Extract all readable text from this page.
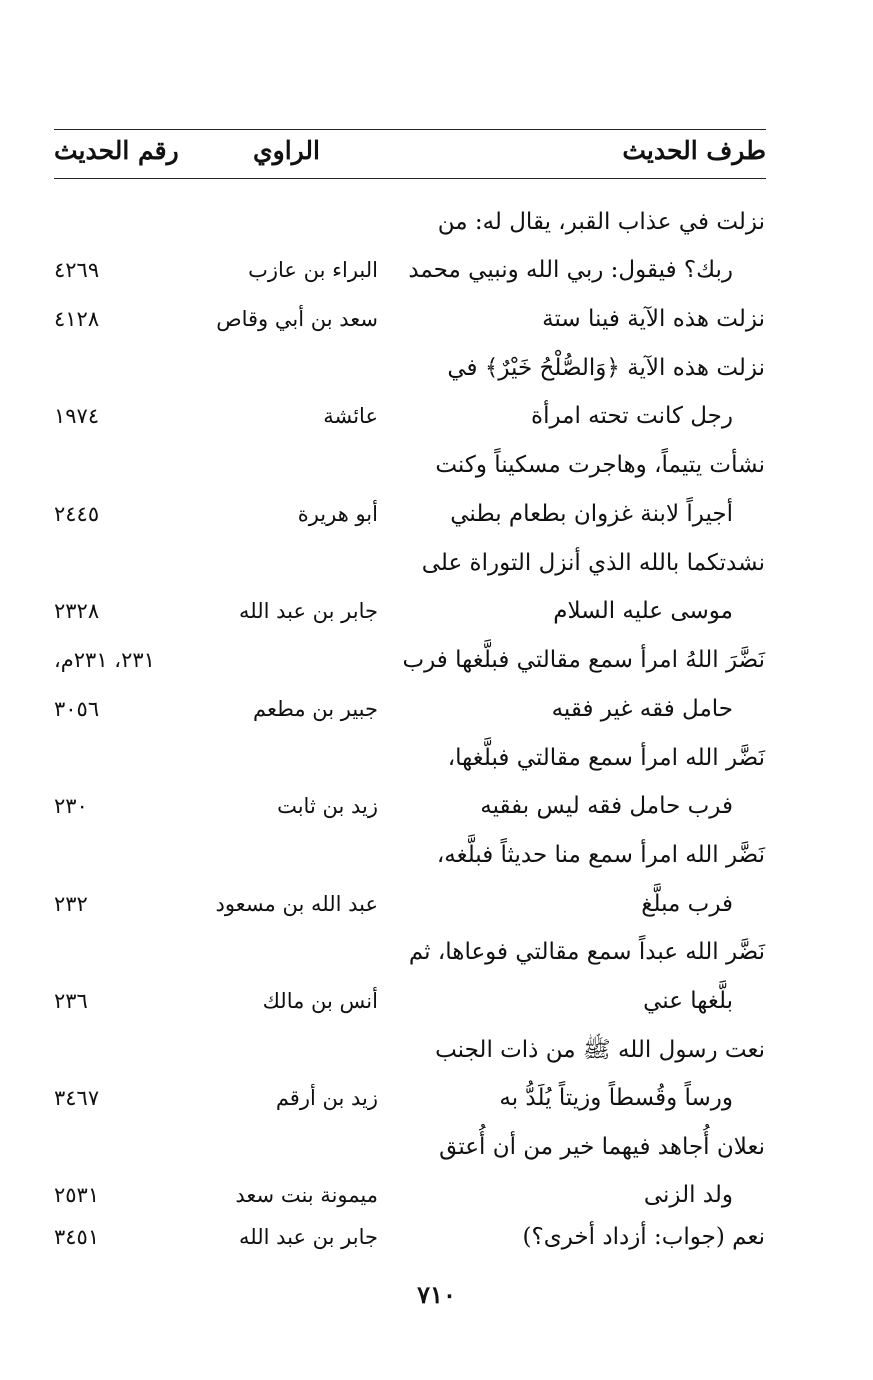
طرف الحديث
الراوي
رقم الحديث
نزلت في عذاب القبر، يقال له: من
ربك؟ فيقول: ربي الله ونبيي محمد
البراء بن عازب
٤٢٦٩
نزلت هذه الآية فينا ستة
سعد بن أبي وقاص
٤١٢٨
نزلت هذه الآية ﴿وَالصُّلْحُ خَيْرٌ﴾ في
رجل كانت تحته امرأة
عائشة
١٩٧٤
نشأت يتيماً، وهاجرت مسكيناً وكنت
أجيراً لابنة غزوان بطعام بطني
أبو هريرة
٢٤٤٥
نشدتكما بالله الذي أنزل التوراة على
موسى عليه السلام
جابر بن عبد الله
٢٣٢٨
نَضَّرَ اللهُ امرأ سمع مقالتي فبلَّغها فرب
٢٣١، ٢٣١م،
حامل فقه غير فقيه
جبير بن مطعم
٣٠٥٦
نَضَّر الله امرأ سمع مقالتي فبلَّغها،
فرب حامل فقه ليس بفقيه
زيد بن ثابت
٢٣٠
نَضَّر الله امرأ سمع منا حديثاً فبلَّغه،
فرب مبلَّغ
عبد الله بن مسعود
٢٣٢
نَضَّر الله عبداً سمع مقالتي فوعاها، ثم
بلَّغها عني
أنس بن مالك
٢٣٦
نعت رسول الله ﷺ من ذات الجنب
ورساً وقُسطاً وزيتاً يُلَدُّ به
زيد بن أرقم
٣٤٦٧
نعلان أُجاهد فيهما خير من أن أُعتق
ولد الزنى
ميمونة بنت سعد
٢٥٣١
نعم (جواب: أزداد أخرى؟)
جابر بن عبد الله
٣٤٥١
٧١٠
